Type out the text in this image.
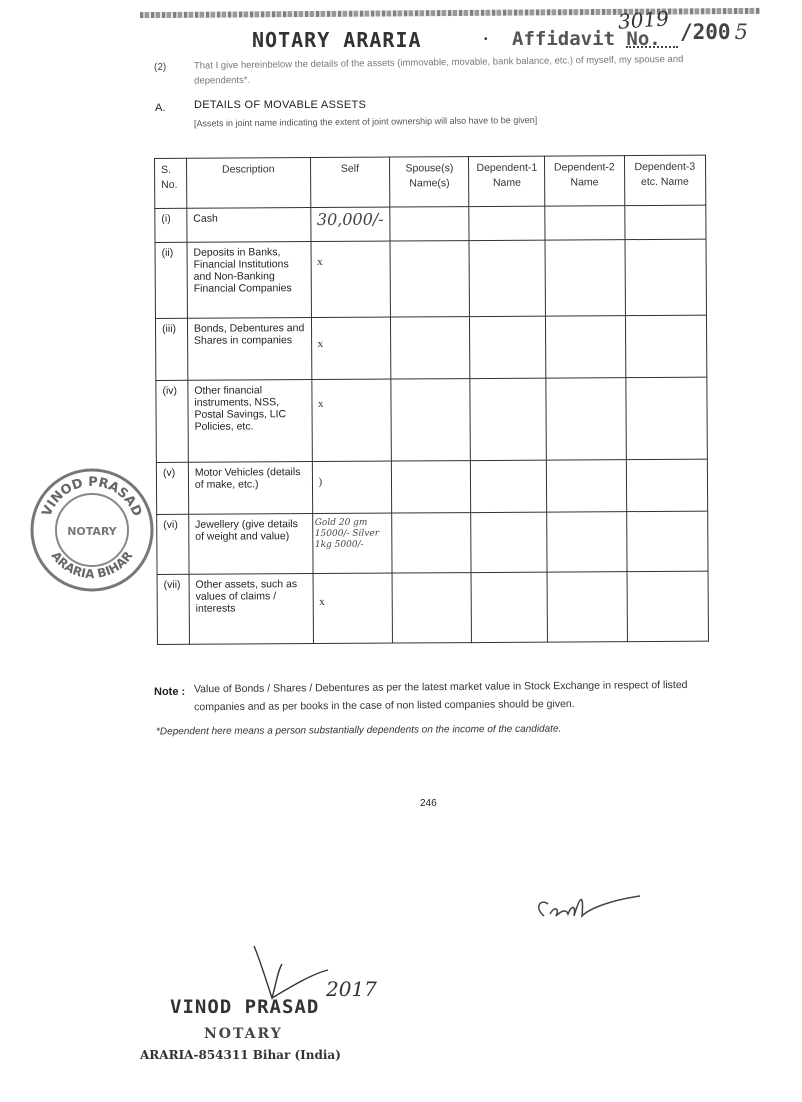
3019
NOTARY ARARIA	• Affidavit No. /200 5
(2)	That I give hereinbelow the details of the assets (immovable, movable, bank balance, etc.) of myself, my spouse and dependents*.
A.	DETAILS OF MOVABLE ASSETS
[Assets in joint name indicating the extent of joint ownership will also have to be given]
S. No.	Description	Self	Spouse(s) Name(s)	Dependent-1 Name	Dependent-2 Name	Dependent-3 etc. Name
(i)	Cash	30,000/-				
(ii)	Deposits in Banks, Financial Institutions and Non-Banking Financial Companies	x				
(iii)	Bonds, Debentures and Shares in companies	x				
(iv)	Other financial instruments, NSS, Postal Savings, LIC Policies, etc.	x				
(v)	Motor Vehicles (details of make, etc.)	)				
(vi)	Jewellery (give details of weight and value)	Gold 20 gm 15000/- Silver 1kg 5000/-				
(vii)	Other assets, such as values of claims / interests	x				
VINOD PRASAD
ARARIA BIHAR
NOTARY
Note : Value of Bonds / Shares / Debentures as per the latest market value in Stock Exchange in respect of listed companies and as per books in the case of non listed companies should be given.
*Dependent here means a person substantially dependents on the income of the candidate.
246
2017
VINOD PRASAD
NOTARY
ARARIA-854311 Bihar (India)
